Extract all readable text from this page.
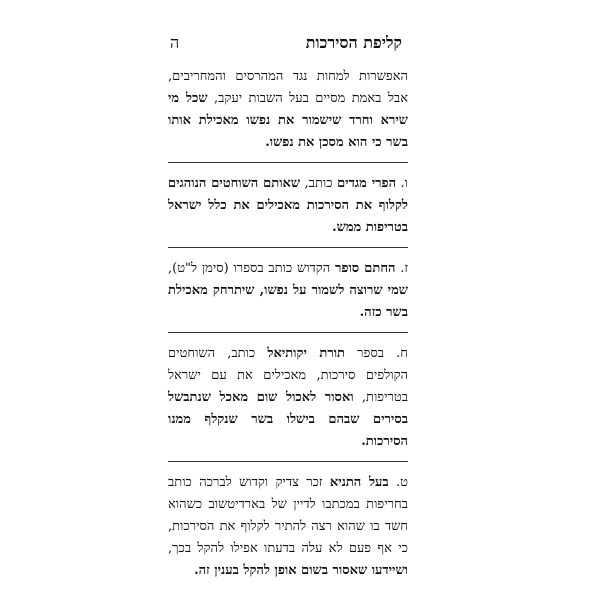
קליפת הסירכות
ה

האפשרות למחות נגד המהרסים והמחריבים, אבל באמת מסיים בעל השבות יעקב, שכל מי שירא וחרד שישמור את נפשו מאכילת אותו בשר כי הוא מסכן את נפשו.

ו. הפרי מגדים כותב, שאותם השוחטים הנוהגים לקלוף את הסירכות מאכילים את כלל ישראל בטריפות ממש.

ז. החתם סופר הקדוש כותב בספרו (סימן ל"ט), שמי שרוצה לשמור על נפשו, שיתרחק מאכילת בשר כזה.

ח. בספר תורת יקותיאל כותב, השוחטים הקולפים סירכות, מאכילים את עם ישראל בטריפות, ואסור לאכול שום מאכל שנתבשל בסירים שבהם בישלו בשר שנקלף ממנו הסירכות.

ט. בעל התניא זכר צדיק וקדוש לברכה כותב בחריפות במכתבו לדיין של בארדיטשוב כשהוא חשד בו שהוא רצה להתיר לקלוף את הסירכות, כי אף פעם לא עלה בדעתו אפילו להקל בכך, ושיידעו שאסור בשום אופן להקל בענין זה.
